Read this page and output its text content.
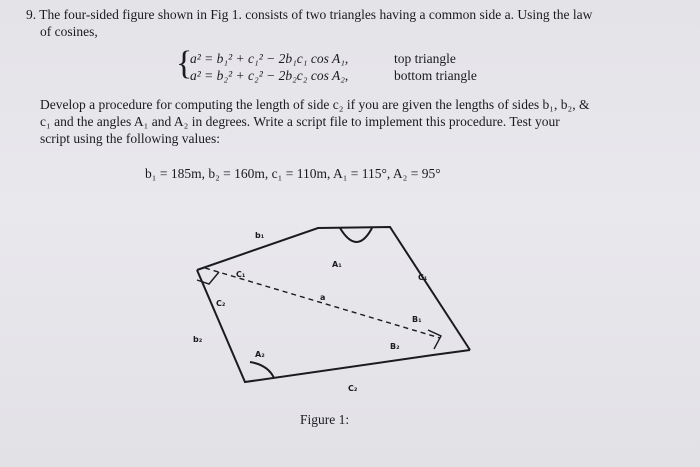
9. The four-sided figure shown in Fig 1. consists of two triangles having a common side a. Using the law
of cosines,

{
a² = b₁² + c₁² − 2b₁c₁ cos A₁,	top triangle
a² = b₂² + c₂² − 2b₂c₂ cos A₂,	bottom triangle

Develop a procedure for computing the length of side c₂ if you are given the lengths of sides b₁, b₂, &
c₁ and the angles A₁ and A₂ in degrees. Write a script file to implement this procedure. Test your
script using the following values:

b₁ = 185m, b₂ = 160m, c₁ = 110m, A₁ = 115°, A₂ = 95°

b₁
C₁
C₂
a
A₁
C₁
B₁
B₂
b₂
A₂
C₂
Figure 1:
